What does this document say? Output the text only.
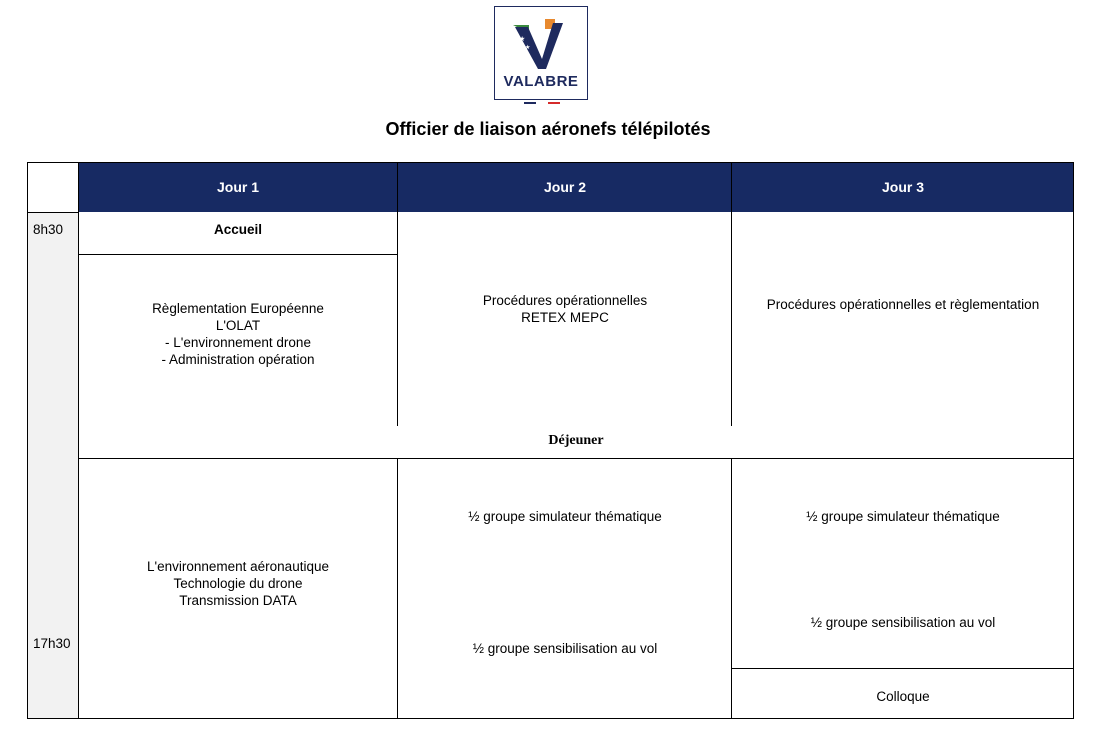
★
★
VALABRE
Officier de liaison aéronefs télépilotés
8h30
17h30
Jour 1	Jour 2	Jour 3
Accueil
Règlementation Européenne
L'OLAT
- L'environnement drone
- Administration opération
L'environnement aéronautique
Technologie du drone
Transmission DATA
Procédures opérationnelles
RETEX MEPC
½ groupe simulateur thématique
½ groupe sensibilisation au vol
Procédures opérationnelles et règlementation
½ groupe simulateur thématique
½ groupe sensibilisation au vol
Colloque
Déjeuner
